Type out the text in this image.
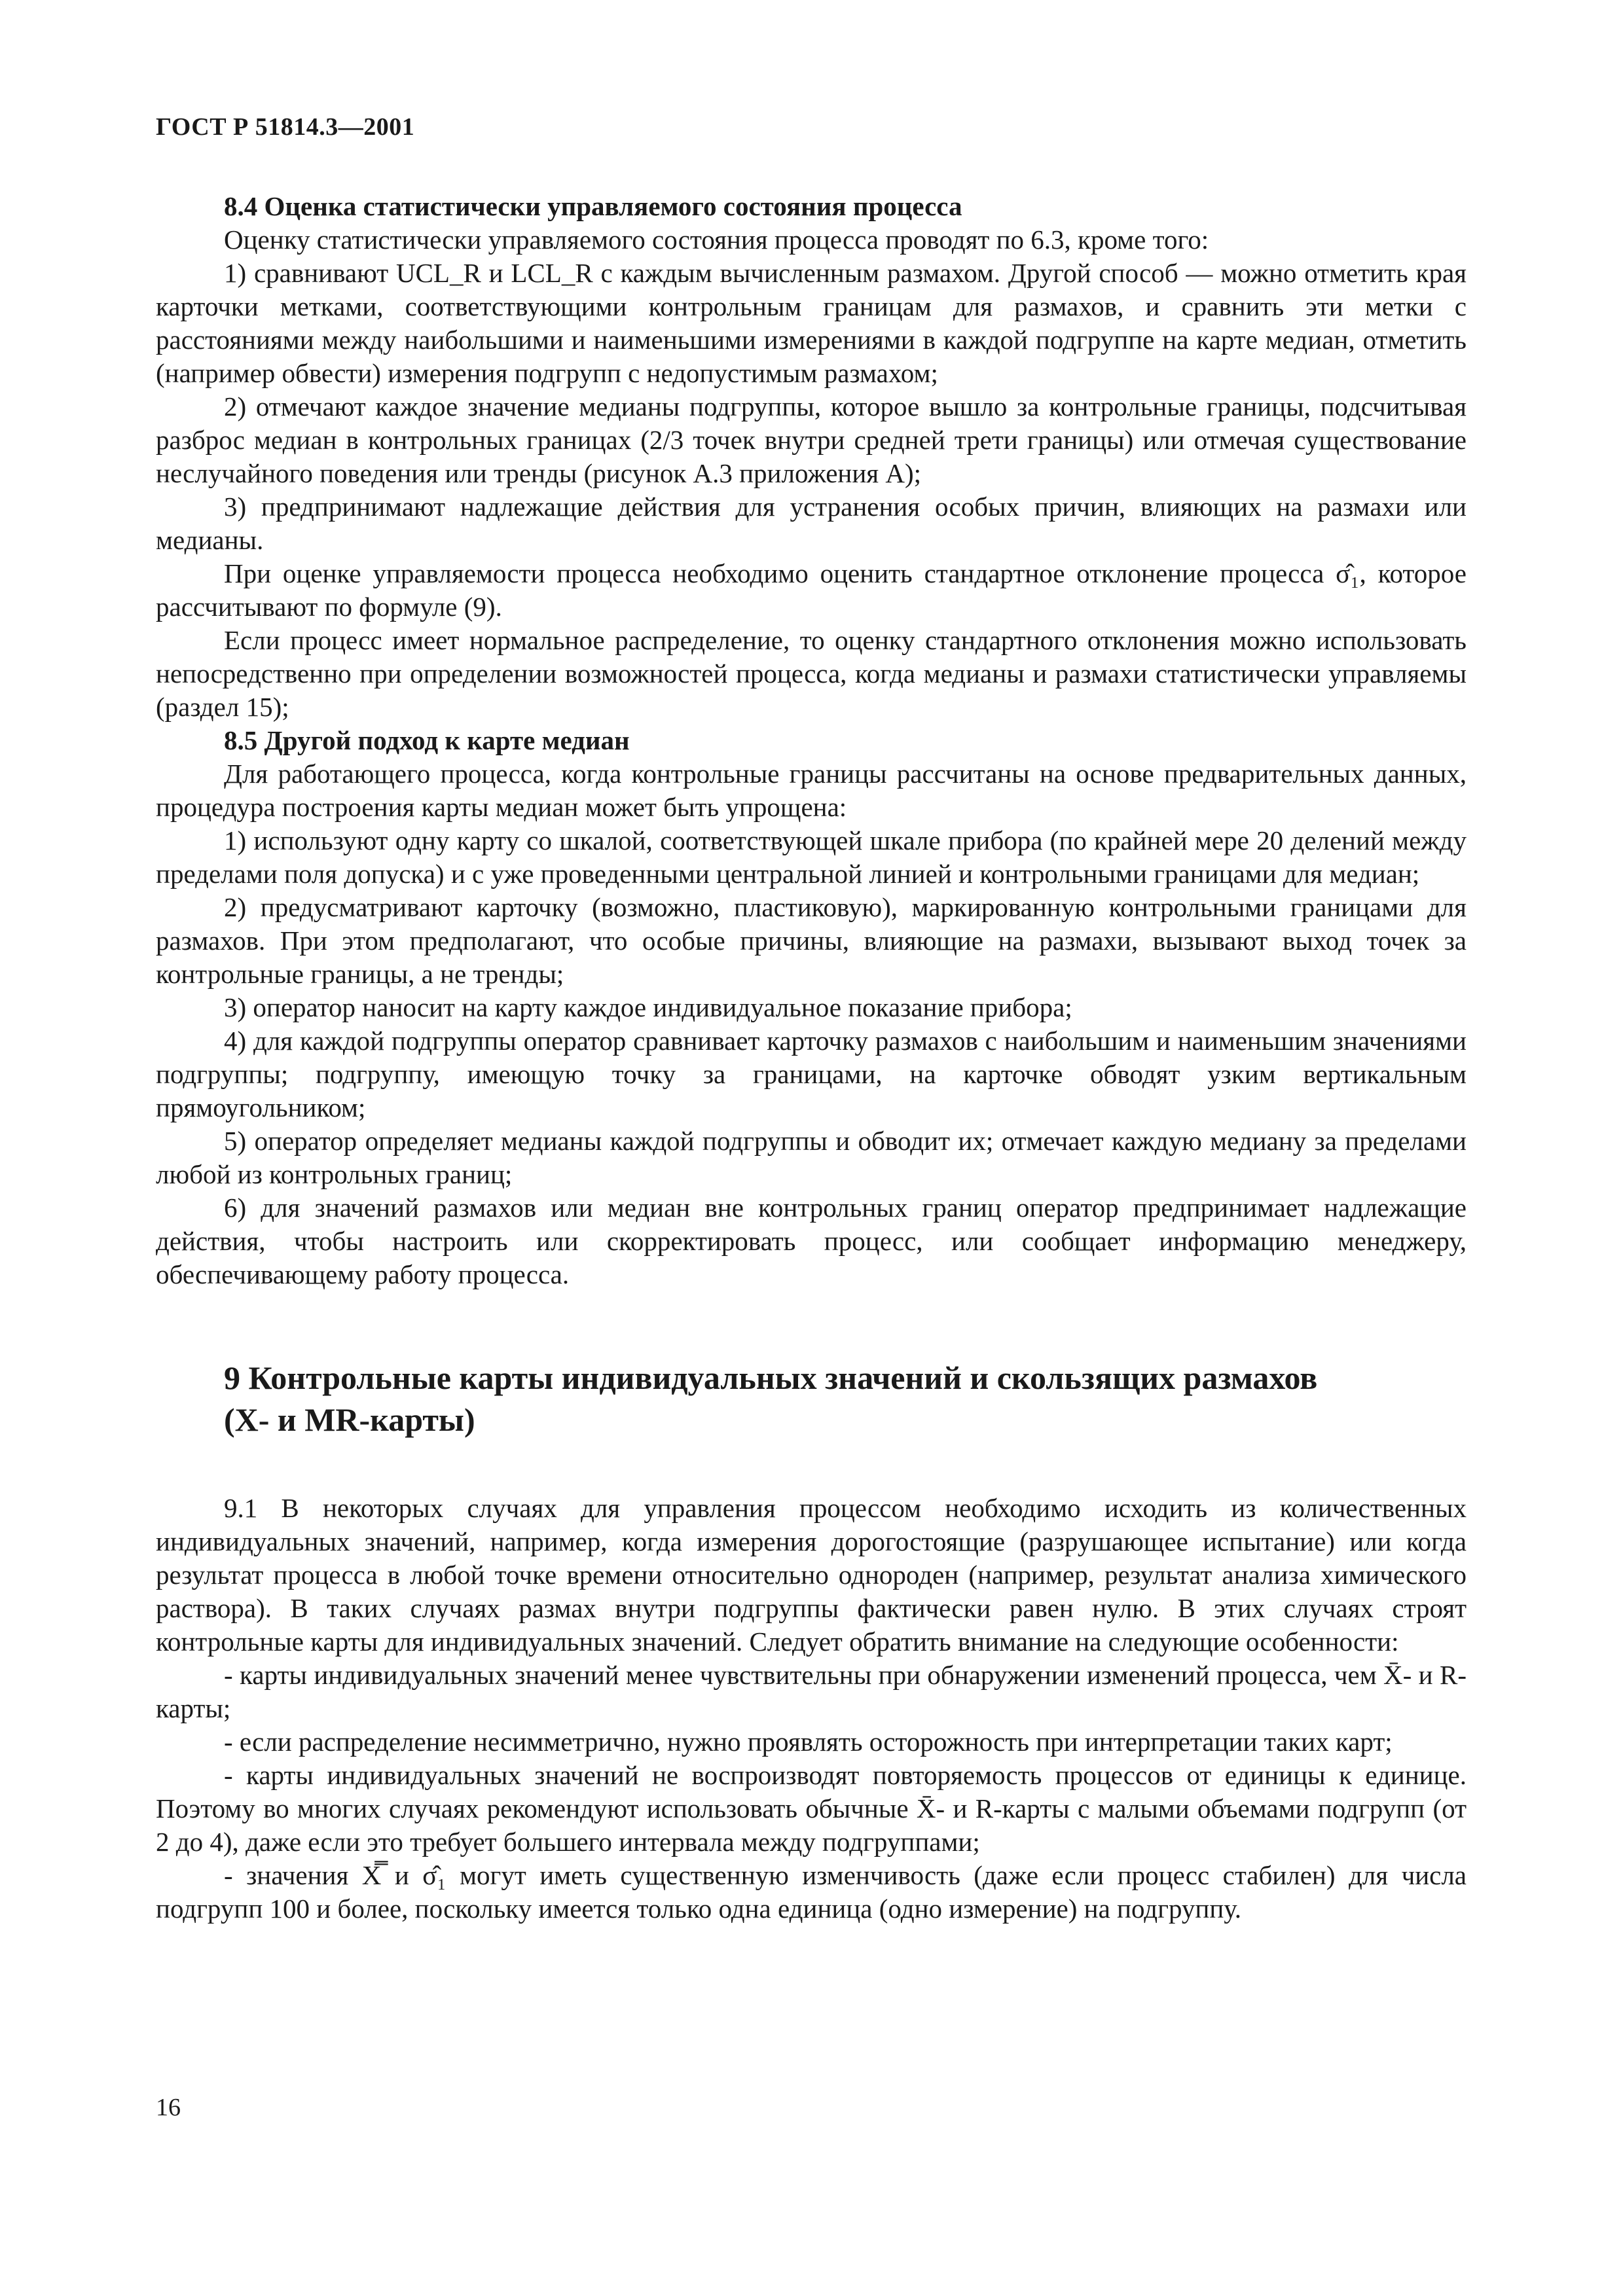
ГОСТ Р 51814.3—2001

8.4 Оценка статистически управляемого состояния процесса

Оценку статистически управляемого состояния процесса проводят по 6.3, кроме того:

1) сравнивают UCL_R и LCL_R с каждым вычисленным размахом. Другой способ — можно отметить края карточки метками, соответствующими контрольным границам для размахов, и сравнить эти метки с расстояниями между наибольшими и наименьшими измерениями в каждой подгруппе на карте медиан, отметить (например обвести) измерения подгрупп с недопустимым размахом;

2) отмечают каждое значение медианы подгруппы, которое вышло за контрольные границы, подсчитывая разброс медиан в контрольных границах (2/3 точек внутри средней трети границы) или отмечая существование неслучайного поведения или тренды (рисунок А.3 приложения А);

3) предпринимают надлежащие действия для устранения особых причин, влияющих на размахи или медианы.

При оценке управляемости процесса необходимо оценить стандартное отклонение процесса σ̂₁, которое рассчитывают по формуле (9).

Если процесс имеет нормальное распределение, то оценку стандартного отклонения можно использовать непосредственно при определении возможностей процесса, когда медианы и размахи статистически управляемы (раздел 15);

8.5 Другой подход к карте медиан

Для работающего процесса, когда контрольные границы рассчитаны на основе предварительных данных, процедура построения карты медиан может быть упрощена:

1) используют одну карту со шкалой, соответствующей шкале прибора (по крайней мере 20 делений между пределами поля допуска) и с уже проведенными центральной линией и контрольными границами для медиан;

2) предусматривают карточку (возможно, пластиковую), маркированную контрольными границами для размахов. При этом предполагают, что особые причины, влияющие на размахи, вызывают выход точек за контрольные границы, а не тренды;

3) оператор наносит на карту каждое индивидуальное показание прибора;

4) для каждой подгруппы оператор сравнивает карточку размахов с наибольшим и наименьшим значениями подгруппы; подгруппу, имеющую точку за границами, на карточке обводят узким вертикальным прямоугольником;

5) оператор определяет медианы каждой подгруппы и обводит их; отмечает каждую медиану за пределами любой из контрольных границ;

6) для значений размахов или медиан вне контрольных границ оператор предпринимает надлежащие действия, чтобы настроить или скорректировать процесс, или сообщает информацию менеджеру, обеспечивающему работу процесса.

9 Контрольные карты индивидуальных значений и скользящих размахов
(X- и MR-карты)

9.1 В некоторых случаях для управления процессом необходимо исходить из количественных индивидуальных значений, например, когда измерения дорогостоящие (разрушающее испытание) или когда результат процесса в любой точке времени относительно однороден (например, результат анализа химического раствора). В таких случаях размах внутри подгруппы фактически равен нулю. В этих случаях строят контрольные карты для индивидуальных значений. Следует обратить внимание на следующие особенности:

- карты индивидуальных значений менее чувствительны при обнаружении изменений процесса, чем X̄- и R-карты;

- если распределение несимметрично, нужно проявлять осторожность при интерпретации таких карт;

- карты индивидуальных значений не воспроизводят повторяемость процессов от единицы к единице. Поэтому во многих случаях рекомендуют использовать обычные X̄- и R-карты с малыми объемами подгрупп (от 2 до 4), даже если это требует большего интервала между подгруппами;

- значения X̿ и σ̂₁ могут иметь существенную изменчивость (даже если процесс стабилен) для числа подгрупп 100 и более, поскольку имеется только одна единица (одно измерение) на подгруппу.

16
